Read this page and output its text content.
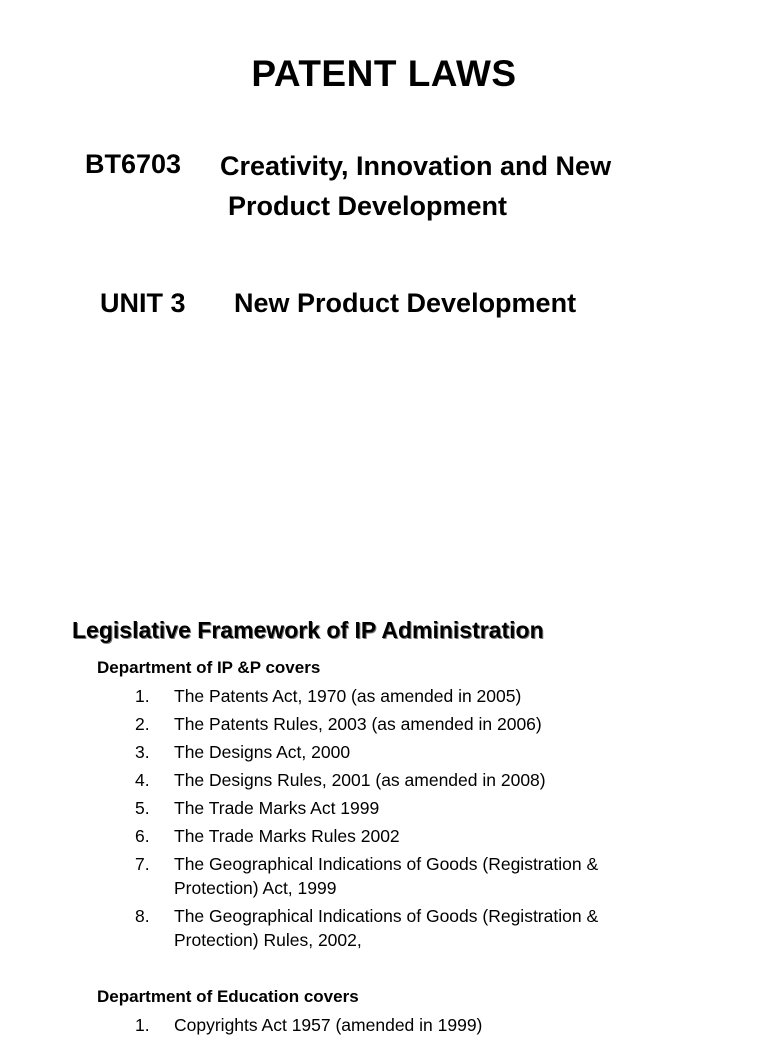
PATENT LAWS
BT6703 Creativity, Innovation and New
Product Development
UNIT 3 New Product Development
Legislative Framework of IP Administration
Department of IP &P covers
1.	The Patents Act, 1970 (as amended in 2005)
2.	The Patents Rules, 2003 (as amended in 2006)
3.	The Designs Act, 2000
4.	The Designs Rules, 2001 (as amended in 2008)
5.	The Trade Marks Act 1999
6.	The Trade Marks Rules 2002
7.	The Geographical Indications of Goods (Registration & Protection) Act, 1999
8.	The Geographical Indications of Goods (Registration & Protection) Rules, 2002,
Department of Education covers
1.	Copyrights Act 1957 (amended in 1999)
